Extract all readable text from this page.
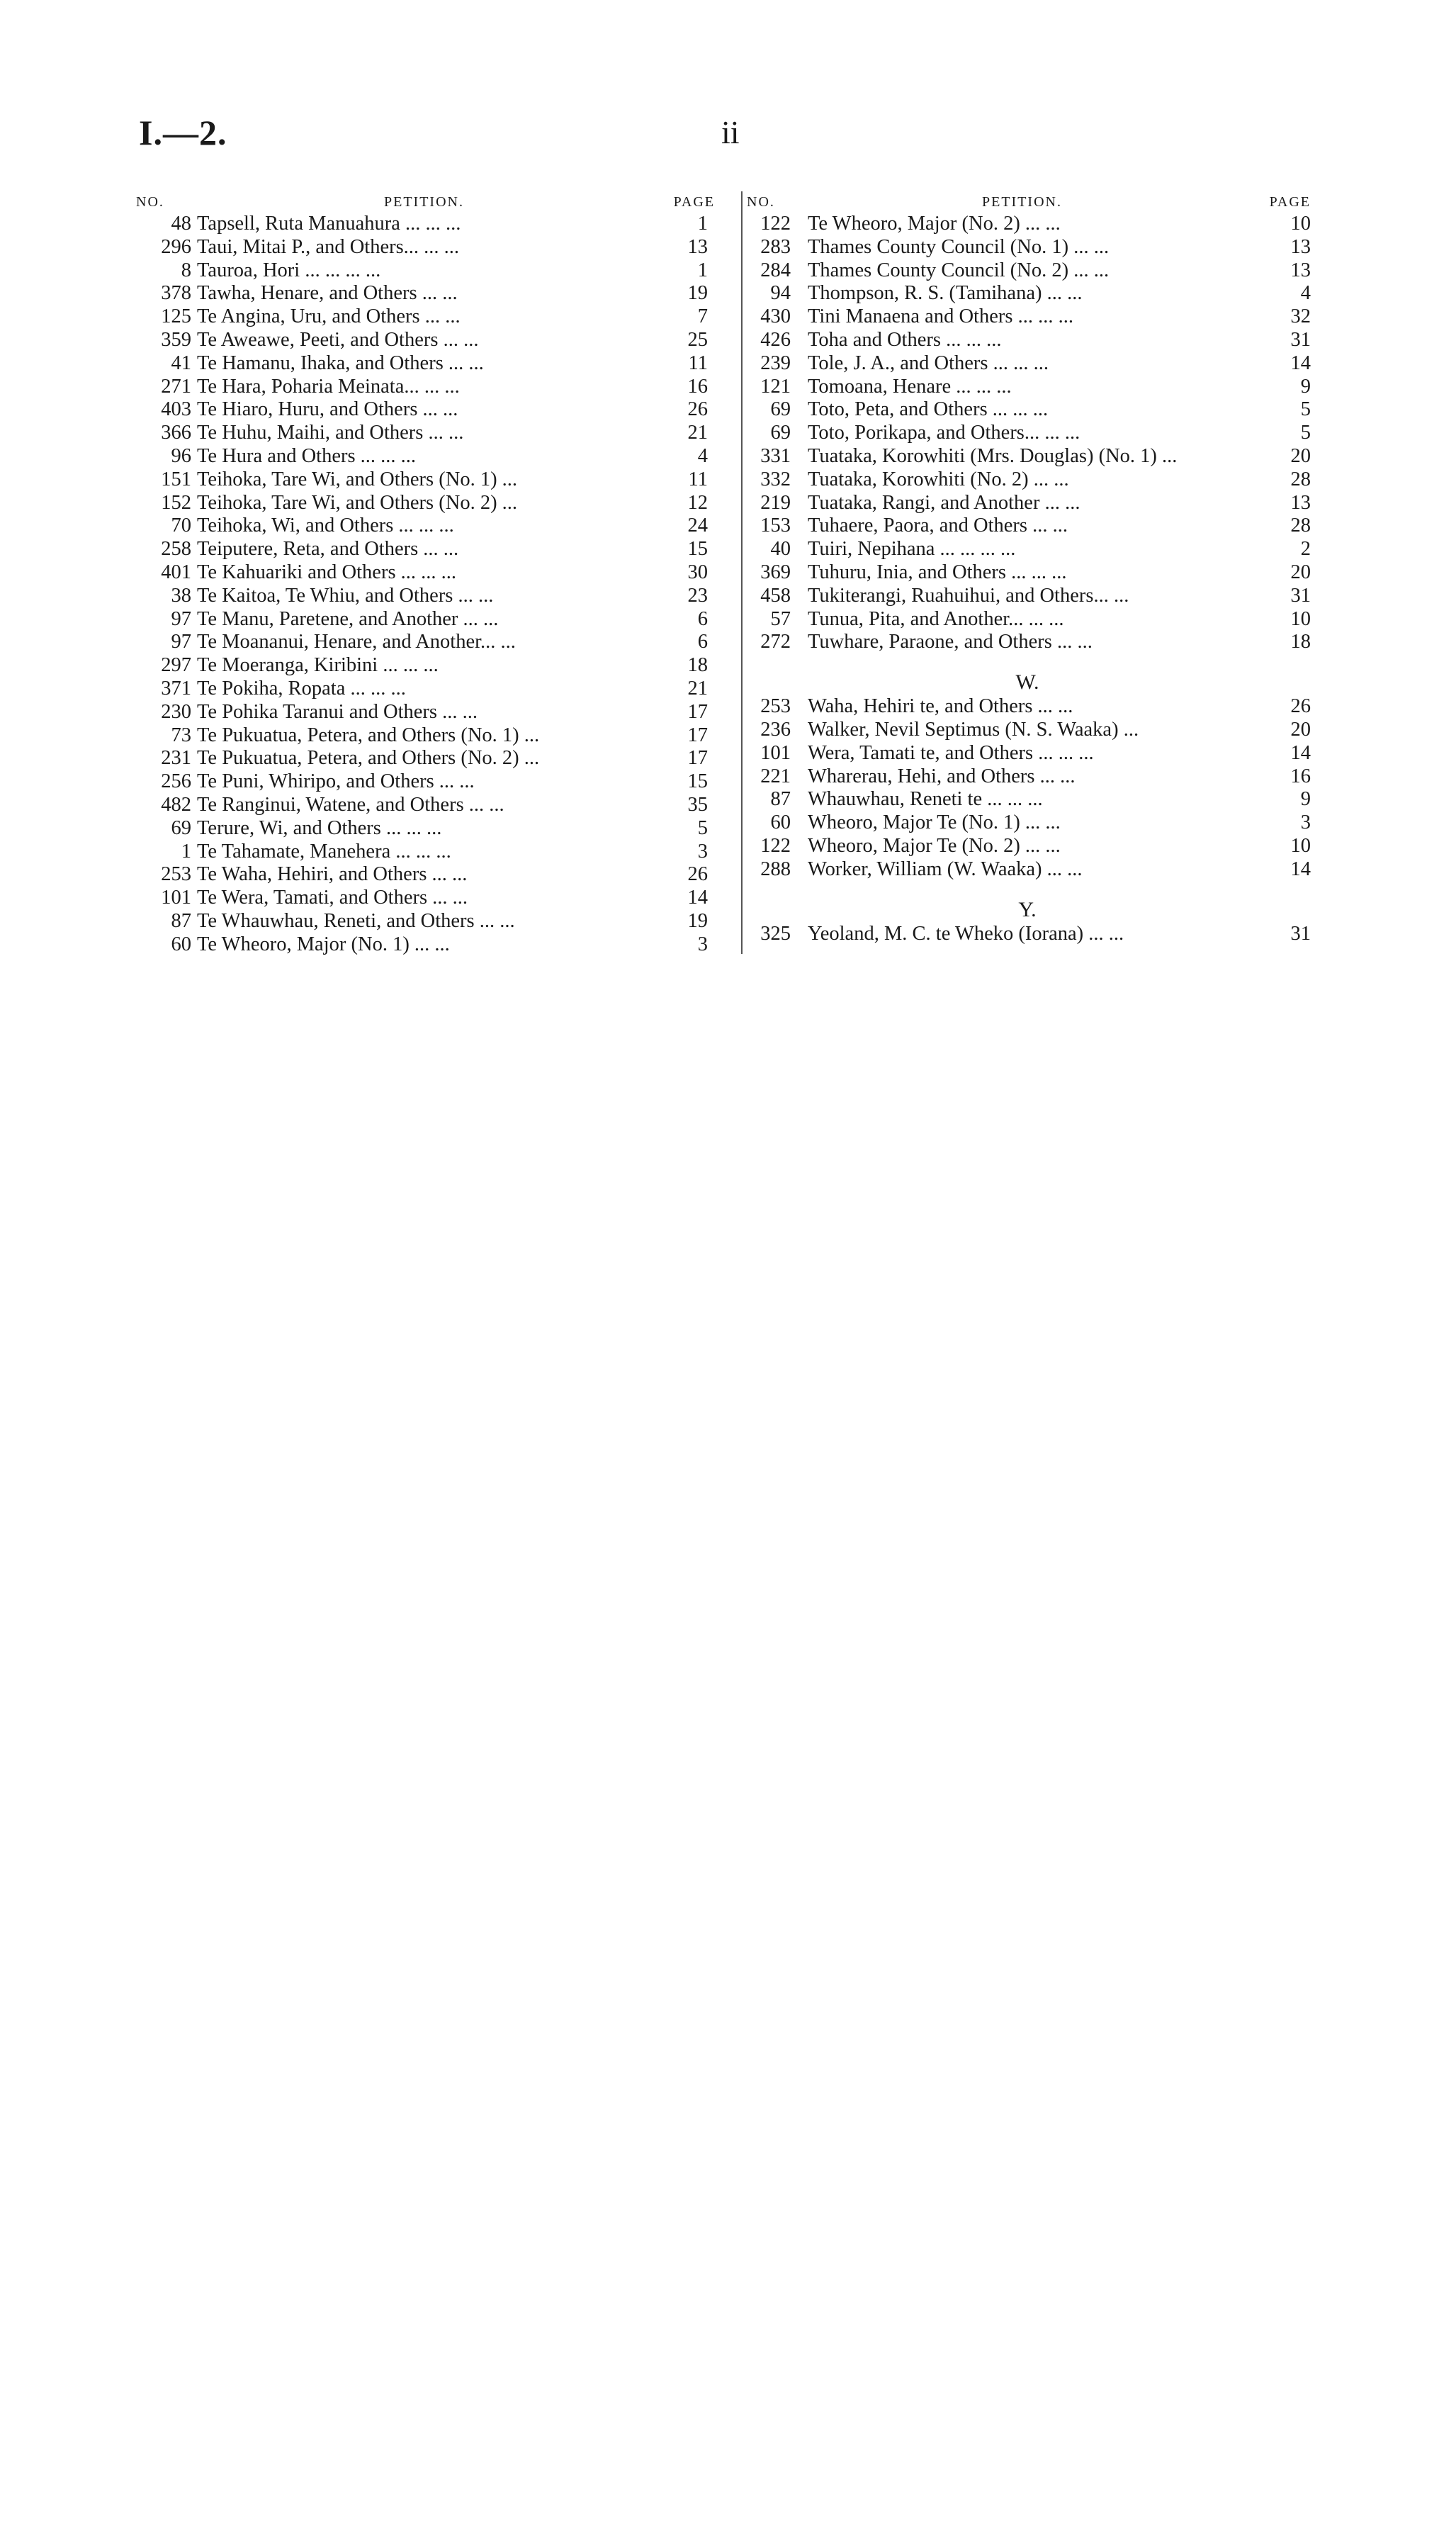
I.—2.	ii
NO.	PETITION.	PAGE
48 Tapsell, Ruta Manuahura ... ... ...	1
296 Taui, Mitai P., and Others... ... ...	13
8 Tauroa, Hori ... ... ... ...	1
378 Tawha, Henare, and Others ... ...	19
125 Te Angina, Uru, and Others ... ...	7
359 Te Aweawe, Peeti, and Others ... ...	25
41 Te Hamanu, Ihaka, and Others ... ...	11
271 Te Hara, Poharia Meinata... ... ...	16
403 Te Hiaro, Huru, and Others ... ...	26
366 Te Huhu, Maihi, and Others ... ...	21
96 Te Hura and Others ... ... ...	4
151 Teihoka, Tare Wi, and Others (No. 1) ...	11
152 Teihoka, Tare Wi, and Others (No. 2) ...	12
70 Teihoka, Wi, and Others ... ... ...	24
258 Teiputere, Reta, and Others ... ...	15
401 Te Kahuariki and Others ... ... ...	30
38 Te Kaitoa, Te Whiu, and Others ... ...	23
97 Te Manu, Paretene, and Another ... ...	6
97 Te Moananui, Henare, and Another... ...	6
297 Te Moeranga, Kiribini ... ... ...	18
371 Te Pokiha, Ropata ... ... ...	21
230 Te Pohika Taranui and Others ... ...	17
73 Te Pukuatua, Petera, and Others (No. 1) ...	17
231 Te Pukuatua, Petera, and Others (No. 2) ...	17
256 Te Puni, Whiripo, and Others ... ...	15
482 Te Ranginui, Watene, and Others ... ...	35
69 Terure, Wi, and Others ... ... ...	5
1 Te Tahamate, Manehera ... ... ...	3
253 Te Waha, Hehiri, and Others ... ...	26
101 Te Wera, Tamati, and Others ... ...	14
87 Te Whauwhau, Reneti, and Others ... ...	19
60 Te Wheoro, Major (No. 1) ... ...	3
NO.	PETITION.	PAGE
122 Te Wheoro, Major (No. 2) ... ...	10
283 Thames County Council (No. 1) ... ...	13
284 Thames County Council (No. 2) ... ...	13
94 Thompson, R. S. (Tamihana) ... ...	4
430 Tini Manaena and Others ... ... ...	32
426 Toha and Others ... ... ...	31
239 Tole, J. A., and Others ... ... ...	14
121 Tomoana, Henare ... ... ...	9
69 Toto, Peta, and Others ... ... ...	5
69 Toto, Porikapa, and Others... ... ...	5
331 Tuataka, Korowhiti (Mrs. Douglas) (No. 1) ...	20
332 Tuataka, Korowhiti (No. 2) ... ...	28
219 Tuataka, Rangi, and Another ... ...	13
153 Tuhaere, Paora, and Others ... ...	28
40 Tuiri, Nepihana ... ... ... ...	2
369 Tuhuru, Inia, and Others ... ... ...	20
458 Tukiterangi, Ruahuihui, and Others... ...	31
57 Tunua, Pita, and Another... ... ...	10
272 Tuwhare, Paraone, and Others ... ...	18
W.
253 Waha, Hehiri te, and Others ... ...	26
236 Walker, Nevil Septimus (N. S. Waaka) ...	20
101 Wera, Tamati te, and Others ... ... ...	14
221 Wharerau, Hehi, and Others ... ...	16
87 Whauwhau, Reneti te ... ... ...	9
60 Wheoro, Major Te (No. 1) ... ...	3
122 Wheoro, Major Te (No. 2) ... ...	10
288 Worker, William (W. Waaka) ... ...	14
Y.
325 Yeoland, M. C. te Wheko (Iorana) ... ...	31
